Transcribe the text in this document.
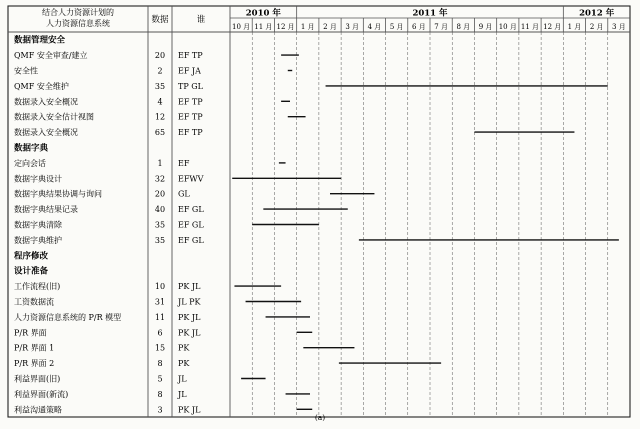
结合人力资源计划的
人力资源信息系统	数据	谁
2010 年	2011 年	2012 年
10 月 11 月 12 月 1 月 2 月 3 月 4 月 5 月 6 月 7 月 8 月 9 月 10 月 11 月 12 月 1 月 2 月 3 月
数据管理安全
QMF 安全审查/建立	20 EF TP
安全性	2 EF JA
QMF 安全维护	35 TP GL
数据录入安全概况	4 EF TP
数据录入安全估计视图	12 EF TP
数据录入安全概况	65 EF TP
数据字典
定向会话	1 EF
数据字典设计	32 EFWV
数据字典结果协调与询问	20 GL
数据字典结果记录	40 EF GL
数据字典清除	35 EF GL
数据字典维护	35 EF GL
程序修改
设计准备
工作流程(旧)	10 PK JL
工资数据流	31 JL PK
人力资源信息系统的 P/R 模型	11 PK JL
P/R 界面	6 PK JL
P/R 界面 1	15 PK
P/R 界面 2	8 PK
利益界面(旧)	5 JL
利益界面(新流)	8 JL
利益沟通策略	3 PK JL
(a)
